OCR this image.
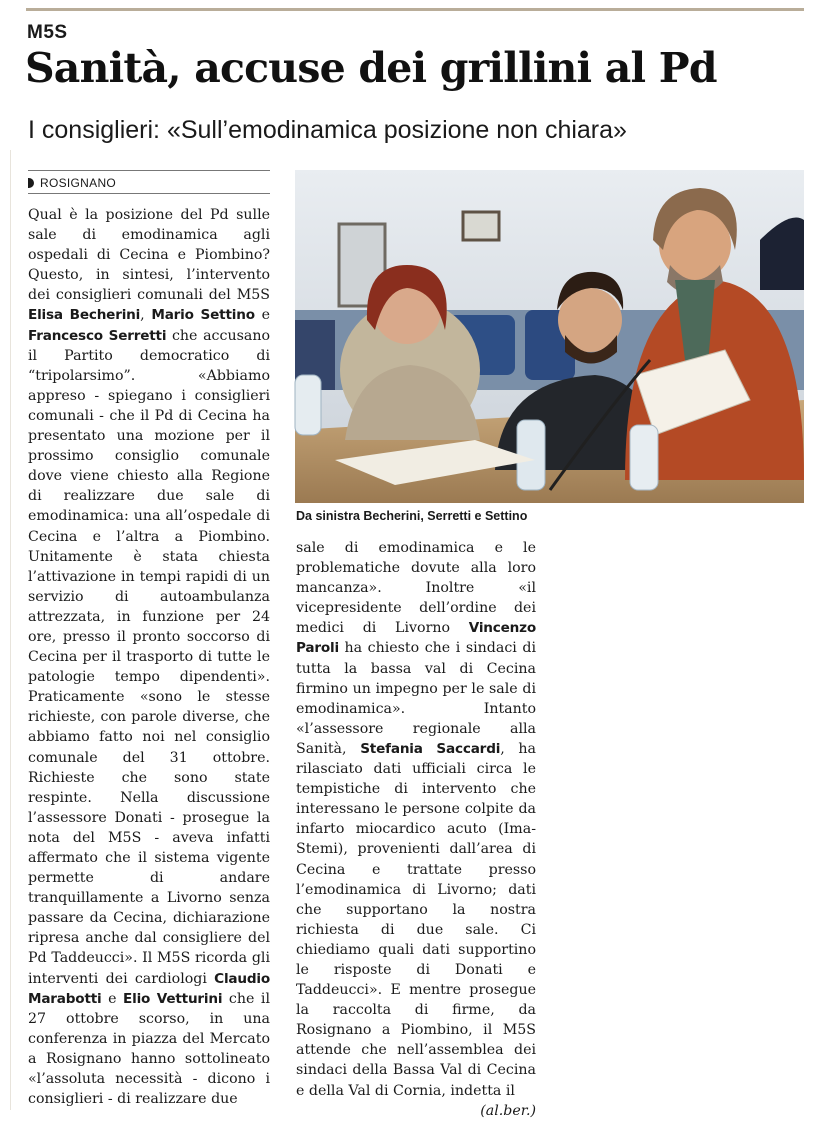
M5S
Sanità, accuse dei grillini al Pd
I consiglieri: «Sull’emodinamica posizione non chiara»
ROSIGNANO
Qual è la posizione del Pd sulle sale di emodinamica agli ospedali di Cecina e Piombino? Questo, in sintesi, l’intervento dei consiglieri comunali del M5S Elisa Becherini, Mario Settino e Francesco Serretti che accusano il Partito democratico di “tripolarsimo”. «Abbiamo appreso - spiegano i consiglieri comunali - che il Pd di Cecina ha presentato una mozione per il prossimo consiglio comunale dove viene chiesto alla Regione di realizzare due sale di emodinamica: una all’ospedale di Cecina e l’altra a Piombino. Unitamente è stata chiesta l’attivazione in tempi rapidi di un servizio di autoambulanza attrezzata, in funzione per 24 ore, presso il pronto soccorso di Cecina per il trasporto di tutte le patologie tempo dipendenti». Praticamente «sono le stesse richieste, con parole diverse, che abbiamo fatto noi nel consiglio comunale del 31 ottobre. Richieste che sono state respinte. Nella discussione l’assessore Donati - prosegue la nota del M5S - aveva infatti affermato che il sistema vigente permette di andare tranquillamente a Livorno senza passare da Cecina, dichiarazione ripresa anche dal consigliere del Pd Taddeucci». Il M5S ricorda gli interventi dei cardiologi Claudio Marabotti e Elio Vetturini che il 27 ottobre scorso, in una conferenza in piazza del Mercato a Rosignano hanno sottolineato «l’assoluta necessità - dicono i consiglieri - di realizzare due
Da sinistra Becherini, Serretti e Settino
sale di emodinamica e le problematiche dovute alla loro mancanza». Inoltre «il vicepresidente dell’ordine dei medici di Livorno Vincenzo Paroli ha chiesto che i sindaci di tutta la bassa val di Cecina firmino un impegno per le sale di emodinamica». Intanto «l’assessore regionale alla Sanità, Stefania Saccardi, ha rilasciato dati ufficiali circa le tempistiche di intervento che interessano le persone colpite da infarto miocardico acuto (Ima-Stemi), provenienti dall’area di Cecina e trattate presso l’emodinamica di Livorno; dati che supportano la nostra richiesta di due sale. Ci chiediamo quali dati supportino le risposte di Donati e Taddeucci». E mentre prosegue la raccolta di firme, da Rosignano a Piombino, il M5S attende che nell’assemblea dei sindaci della Bassa Val di Cecina e della Val di Cornia, indetta il
(al.ber.)
